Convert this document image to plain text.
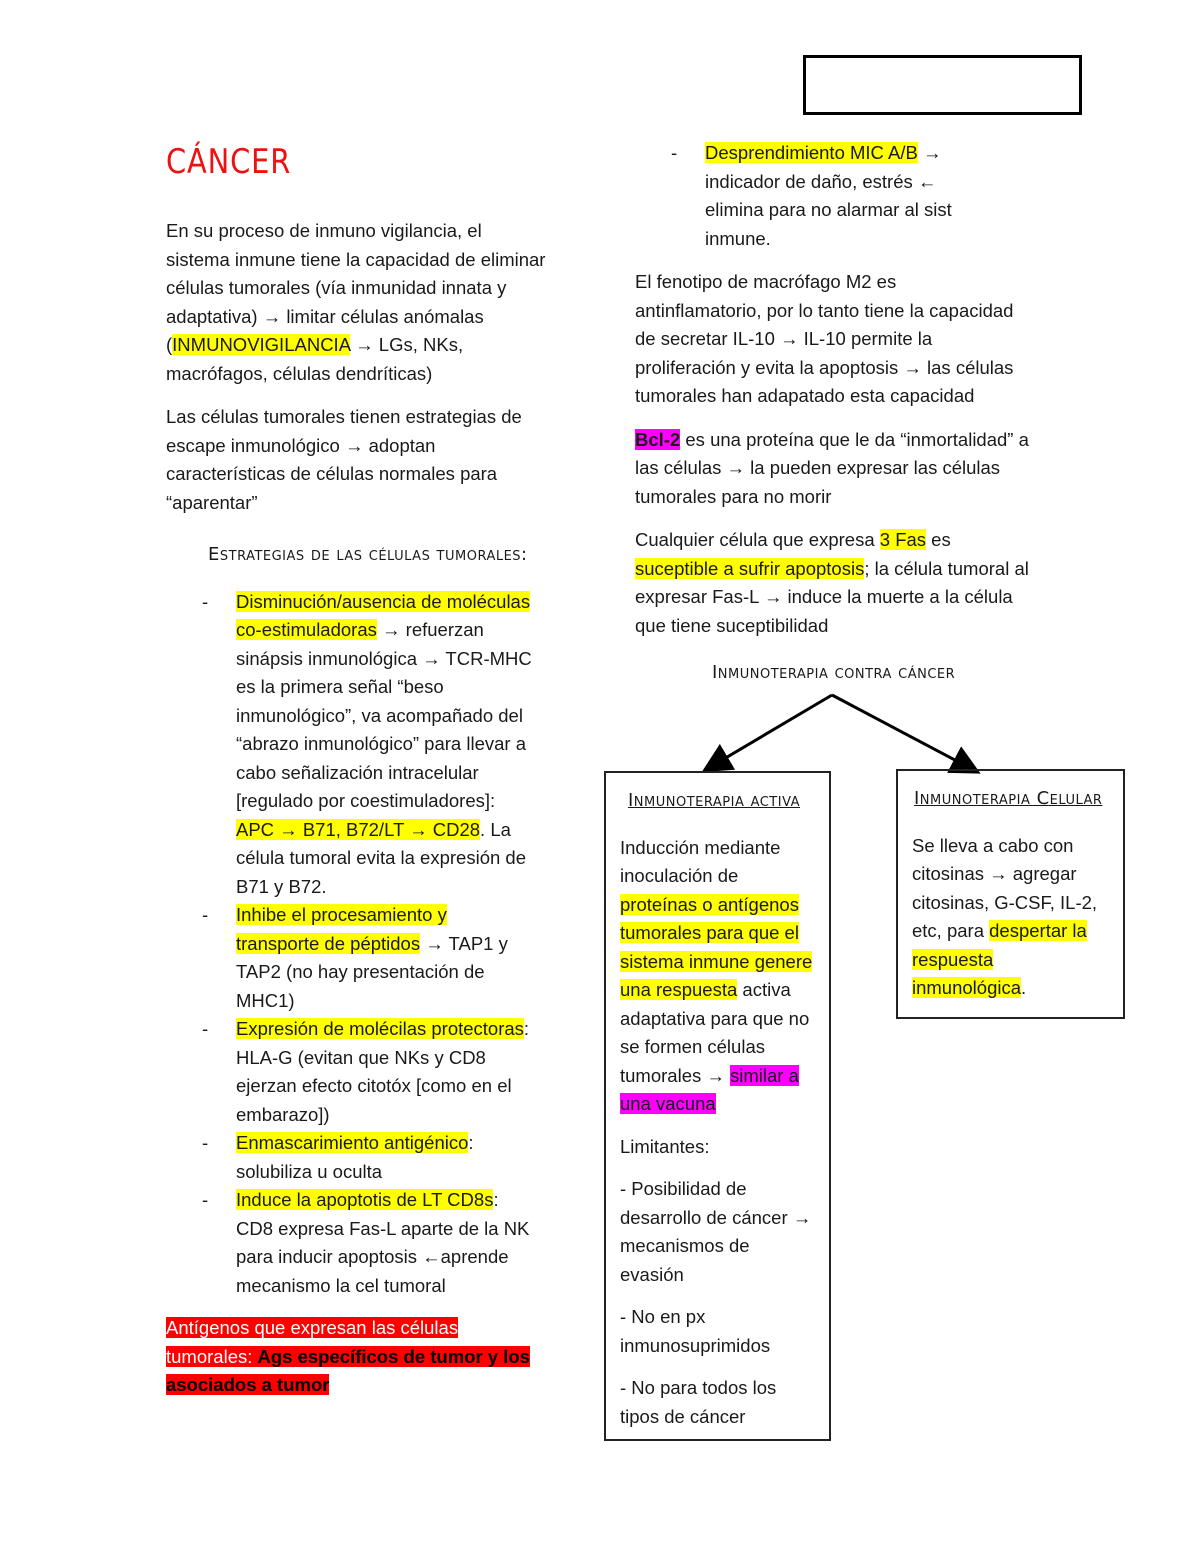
CÁNCER
En su proceso de inmuno vigilancia, el sistema inmune tiene la capacidad de eliminar células tumorales (vía inmunidad innata y adaptativa) → limitar células anómalas (INMUNOVIGILANCIA → LGs, NKs, macrófagos, células dendríticas)
Las células tumorales tienen estrategias de escape inmunológico → adoptan características de células normales para “aparentar”
Estrategias de las células tumorales:
- Disminución/ausencia de moléculas co-estimuladoras → refuerzan sinápsis inmunológica → TCR-MHC es la primera señal “beso inmunológico”, va acompañado del “abrazo inmunológico” para llevar a cabo señalización intracelular [regulado por coestimuladores]: APC → B71, B72/LT → CD28. La célula tumoral evita la expresión de B71 y B72.
- Inhibe el procesamiento y transporte de péptidos → TAP1 y TAP2 (no hay presentación de MHC1)
- Expresión de molécilas protectoras: HLA-G (evitan que NKs y CD8 ejerzan efecto citotóx [como en el embarazo])
- Enmascarimiento antigénico: solubiliza u oculta
- Induce la apoptotis de LT CD8s: CD8 expresa Fas-L aparte de la NK para inducir apoptosis ←aprende mecanismo la cel tumoral
Antígenos que expresan las células tumorales: Ags específicos de tumor y los asociados a tumor
- Desprendimiento MIC A/B → indicador de daño, estrés ← elimina para no alarmar al sist inmune.
El fenotipo de macrófago M2 es antinflamatorio, por lo tanto tiene la capacidad de secretar IL-10 → IL-10 permite la proliferación y evita la apoptosis → las células tumorales han adapatado esta capacidad
Bcl-2 es una proteína que le da “inmortalidad” a las células → la pueden expresar las células tumorales para no morir
Cualquier célula que expresa 3 Fas es suceptible a sufrir apoptosis; la célula tumoral al expresar Fas-L → induce la muerte a la célula que tiene suceptibilidad
Inmunoterapia contra cáncer
Inmunoterapia activa
Inducción mediante inoculación de proteínas o antígenos tumorales para que el sistema inmune genere una respuesta activa adaptativa para que no se formen células tumorales → similar a una vacuna
Limitantes:
- Posibilidad de desarrollo de cáncer → mecanismos de evasión
- No en px inmunosuprimidos
- No para todos los tipos de cáncer
Inmunoterapia Celular
Se lleva a cabo con citosinas → agregar citosinas, G-CSF, IL-2, etc, para despertar la respuesta inmunológica.
